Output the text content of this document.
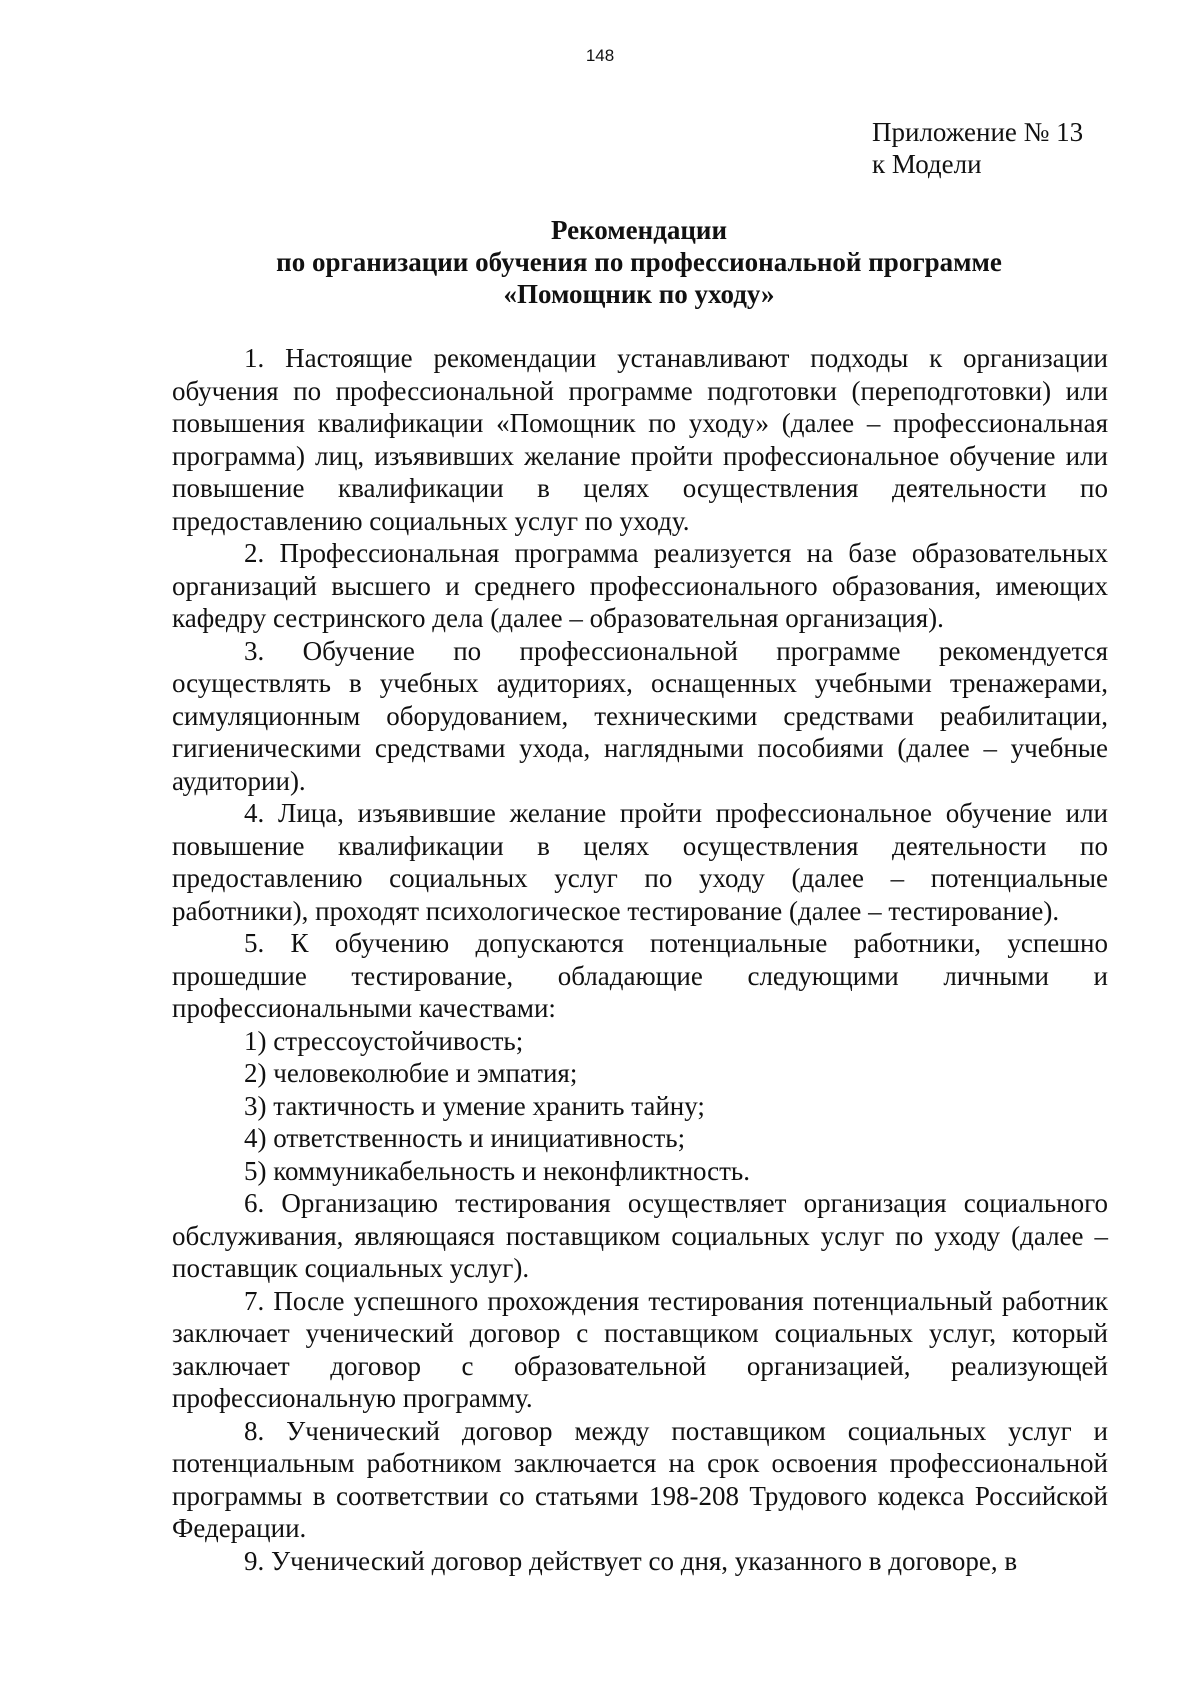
148
Приложение № 13
к Модели
Рекомендации
по организации обучения по профессиональной программе
«Помощник по уходу»

1. Настоящие рекомендации устанавливают подходы к организации обучения по профессиональной программе подготовки (переподготовки) или повышения квалификации «Помощник по уходу» (далее – профессиональная программа) лиц, изъявивших желание пройти профессиональное обучение или повышение квалификации в целях осуществления деятельности по предоставлению социальных услуг по уходу.

2. Профессиональная программа реализуется на базе образовательных организаций высшего и среднего профессионального образования, имеющих кафедру сестринского дела (далее – образовательная организация).

3. Обучение по профессиональной программе рекомендуется осуществлять в учебных аудиториях, оснащенных учебными тренажерами, симуляционным оборудованием, техническими средствами реабилитации, гигиеническими средствами ухода, наглядными пособиями (далее – учебные аудитории).

4. Лица, изъявившие желание пройти профессиональное обучение или повышение квалификации в целях осуществления деятельности по предоставлению социальных услуг по уходу (далее – потенциальные работники), проходят психологическое тестирование (далее – тестирование).

5. К обучению допускаются потенциальные работники, успешно прошедшие тестирование, обладающие следующими личными и профессиональными качествами:

1) стрессоустойчивость;

2) человеколюбие и эмпатия;

3) тактичность и умение хранить тайну;

4) ответственность и инициативность;

5) коммуникабельность и неконфликтность.

6. Организацию тестирования осуществляет организация социального обслуживания, являющаяся поставщиком социальных услуг по уходу (далее – поставщик социальных услуг).

7. После успешного прохождения тестирования потенциальный работник заключает ученический договор с поставщиком социальных услуг, который заключает договор с образовательной организацией, реализующей профессиональную программу.

8. Ученический договор между поставщиком социальных услуг и потенциальным работником заключается на срок освоения профессиональной программы в соответствии со статьями 198-208 Трудового кодекса Российской Федерации.

9. Ученический договор действует со дня, указанного в договоре, в
